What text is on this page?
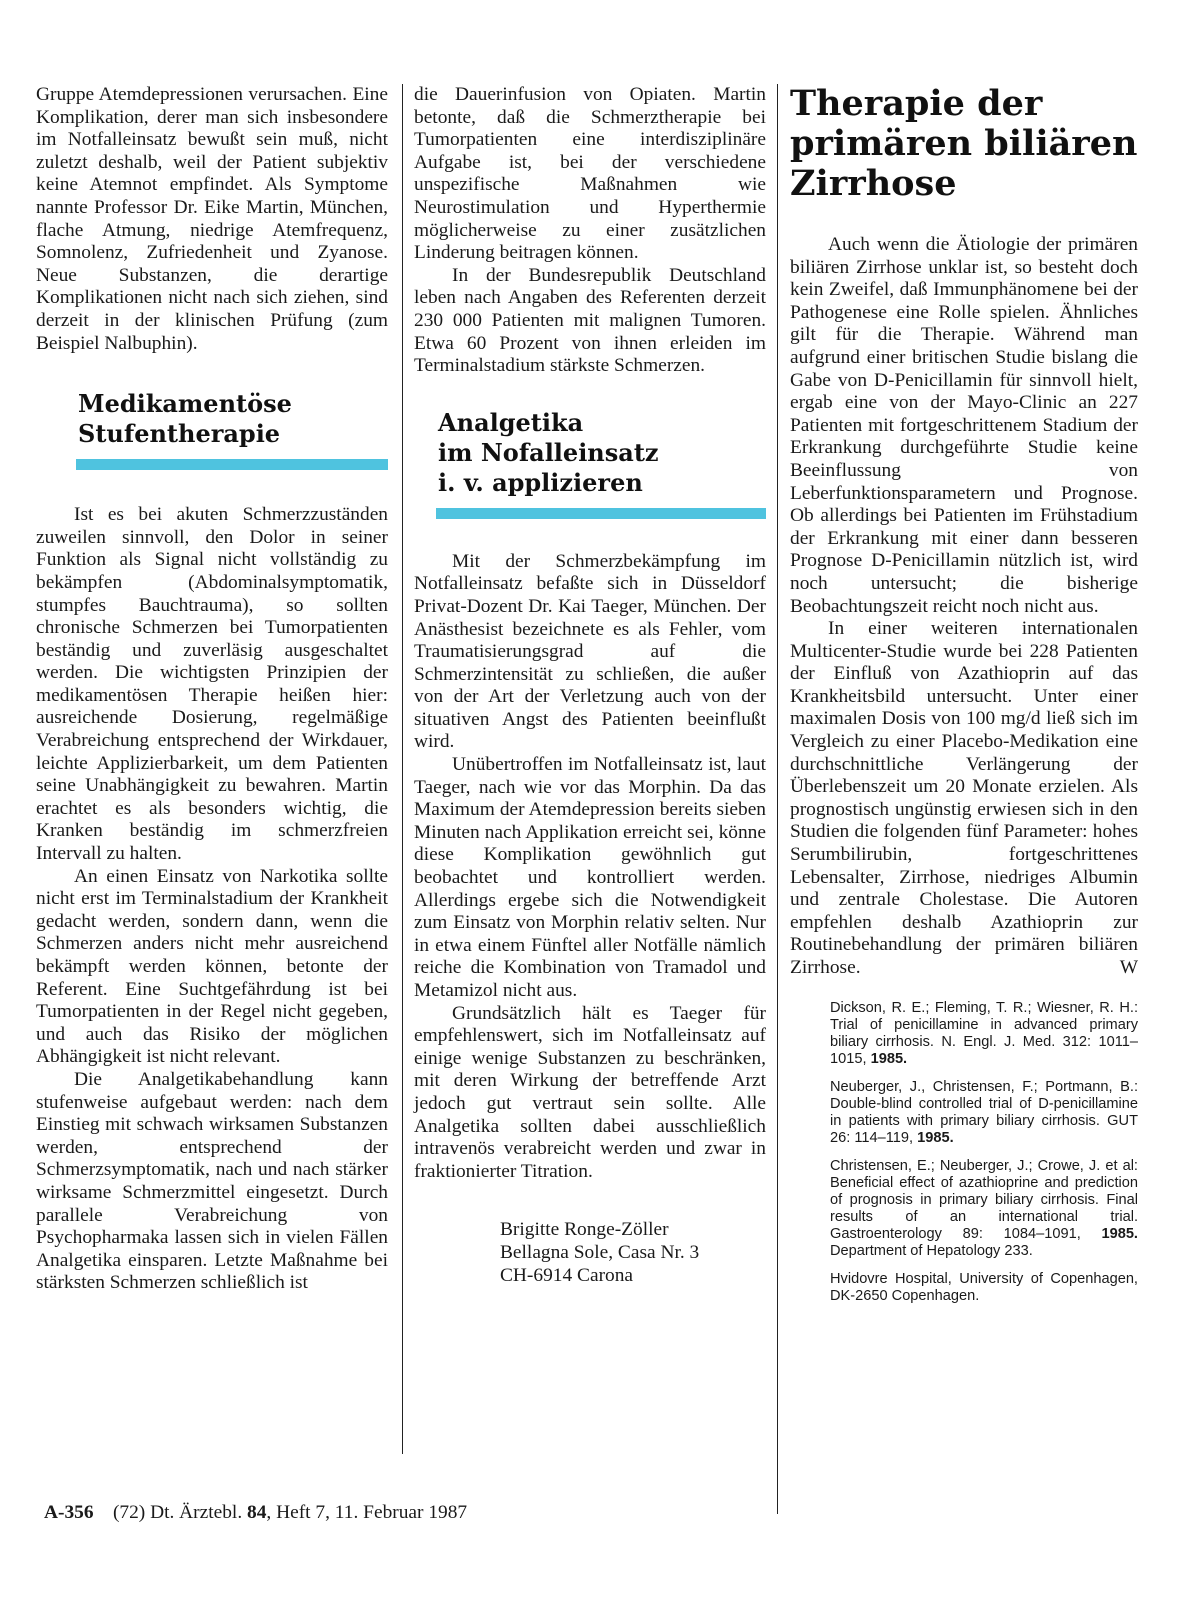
Gruppe Atemdepressionen verursachen. Eine Komplikation, derer man sich insbesondere im Notfalleinsatz bewußt sein muß, nicht zuletzt deshalb, weil der Patient subjektiv keine Atemnot empfindet. Als Symptome nannte Professor Dr. Eike Martin, München, flache Atmung, niedrige Atemfrequenz, Somnolenz, Zufriedenheit und Zyanose. Neue Substanzen, die derartige Komplikationen nicht nach sich ziehen, sind derzeit in der klinischen Prüfung (zum Beispiel Nalbuphin).

Medikamentöse
Stufentherapie

Ist es bei akuten Schmerzzuständen zuweilen sinnvoll, den Dolor in seiner Funktion als Signal nicht vollständig zu bekämpfen (Abdominalsymptomatik, stumpfes Bauchtrauma), so sollten chronische Schmerzen bei Tumorpatienten beständig und zuverläsig ausgeschaltet werden. Die wichtigsten Prinzipien der medikamentösen Therapie heißen hier: ausreichende Dosierung, regelmäßige Verabreichung entsprechend der Wirkdauer, leichte Applizierbarkeit, um dem Patienten seine Unabhängigkeit zu bewahren. Martin erachtet es als besonders wichtig, die Kranken beständig im schmerzfreien Intervall zu halten.

An einen Einsatz von Narkotika sollte nicht erst im Terminalstadium der Krankheit gedacht werden, sondern dann, wenn die Schmerzen anders nicht mehr ausreichend bekämpft werden können, betonte der Referent. Eine Suchtgefährdung ist bei Tumorpatienten in der Regel nicht gegeben, und auch das Risiko der möglichen Abhängigkeit ist nicht relevant.

Die Analgetikabehandlung kann stufenweise aufgebaut werden: nach dem Einstieg mit schwach wirksamen Substanzen werden, entsprechend der Schmerzsymptomatik, nach und nach stärker wirksame Schmerzmittel eingesetzt. Durch parallele Verabreichung von Psychopharmaka lassen sich in vielen Fällen Analgetika einsparen. Letzte Maßnahme bei stärksten Schmerzen schließlich ist

die Dauerinfusion von Opiaten. Martin betonte, daß die Schmerztherapie bei Tumorpatienten eine interdisziplinäre Aufgabe ist, bei der verschiedene unspezifische Maßnahmen wie Neurostimulation und Hyperthermie möglicherweise zu einer zusätzlichen Linderung beitragen können.

In der Bundesrepublik Deutschland leben nach Angaben des Referenten derzeit 230 000 Patienten mit malignen Tumoren. Etwa 60 Prozent von ihnen erleiden im Terminalstadium stärkste Schmerzen.

Analgetika
im Nofalleinsatz
i. v. applizieren

Mit der Schmerzbekämpfung im Notfalleinsatz befaßte sich in Düsseldorf Privat-Dozent Dr. Kai Taeger, München. Der Anästhesist bezeichnete es als Fehler, vom Traumatisierungsgrad auf die Schmerzintensität zu schließen, die außer von der Art der Verletzung auch von der situativen Angst des Patienten beeinflußt wird.

Unübertroffen im Notfalleinsatz ist, laut Taeger, nach wie vor das Morphin. Da das Maximum der Atemdepression bereits sieben Minuten nach Applikation erreicht sei, könne diese Komplikation gewöhnlich gut beobachtet und kontrolliert werden. Allerdings ergebe sich die Notwendigkeit zum Einsatz von Morphin relativ selten. Nur in etwa einem Fünftel aller Notfälle nämlich reiche die Kombination von Tramadol und Metamizol nicht aus.

Grundsätzlich hält es Taeger für empfehlenswert, sich im Notfalleinsatz auf einige wenige Substanzen zu beschränken, mit deren Wirkung der betreffende Arzt jedoch gut vertraut sein sollte. Alle Analgetika sollten dabei ausschließlich intravenös verabreicht werden und zwar in fraktionierter Titration.

Brigitte Ronge-Zöller

Bellagna Sole, Casa Nr. 3

CH-6914 Carona

Therapie der
primären biliären
Zirrhose

Auch wenn die Ätiologie der primären biliären Zirrhose unklar ist, so besteht doch kein Zweifel, daß Immunphänomene bei der Pathogenese eine Rolle spielen. Ähnliches gilt für die Therapie. Während man aufgrund einer britischen Studie bislang die Gabe von D-Penicillamin für sinnvoll hielt, ergab eine von der Mayo-Clinic an 227 Patienten mit fortgeschrittenem Stadium der Erkrankung durchgeführte Studie keine Beeinflussung von Leberfunktionsparametern und Prognose. Ob allerdings bei Patienten im Frühstadium der Erkrankung mit einer dann besseren Prognose D-Penicillamin nützlich ist, wird noch untersucht; die bisherige Beobachtungszeit reicht noch nicht aus.

In einer weiteren internationalen Multicenter-Studie wurde bei 228 Patienten der Einfluß von Azathioprin auf das Krankheitsbild untersucht. Unter einer maximalen Dosis von 100 mg/d ließ sich im Vergleich zu einer Placebo-Medikation eine durchschnittliche Verlängerung der Überlebenszeit um 20 Monate erzielen. Als prognostisch ungünstig erwiesen sich in den Studien die folgenden fünf Parameter: hohes Serumbilirubin, fortgeschrittenes Lebensalter, Zirrhose, niedriges Albumin und zentrale Cholestase. Die Autoren empfehlen deshalb Azathioprin zur Routinebehandlung der primären biliären Zirrhose.	W

Dickson, R. E.; Fleming, T. R.; Wiesner, R. H.: Trial of penicillamine in advanced primary biliary cirrhosis. N. Engl. J. Med. 312: 1011–1015, 1985.

Neuberger, J., Christensen, F.; Portmann, B.: Double-blind controlled trial of D-penicillamine in patients with primary biliary cirrhosis. GUT 26: 114–119, 1985.

Christensen, E.; Neuberger, J.; Crowe, J. et al: Beneficial effect of azathioprine and prediction of prognosis in primary biliary cirrhosis. Final results of an international trial. Gastroenterology 89: 1084–1091, 1985. Department of Hepatology 233.

Hvidovre Hospital, University of Copenhagen, DK-2650 Copenhagen.

A-356 (72) Dt. Ärztebl. 84, Heft 7, 11. Februar 1987
